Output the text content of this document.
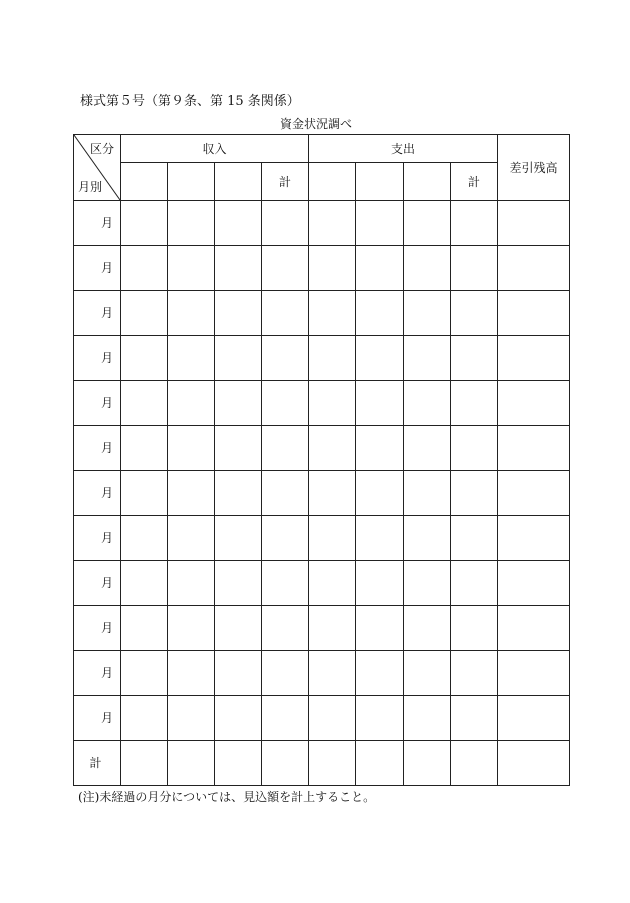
様式第５号（第９条、第 15 条関係）
資金状況調べ
区分
月別	収入				支出				差引残高
				計				計	
月									
月									
月									
月									
月									
月									
月									
月									
月									
月									
月									
月									
計									
(注)未経過の月分については、見込額を計上すること。
